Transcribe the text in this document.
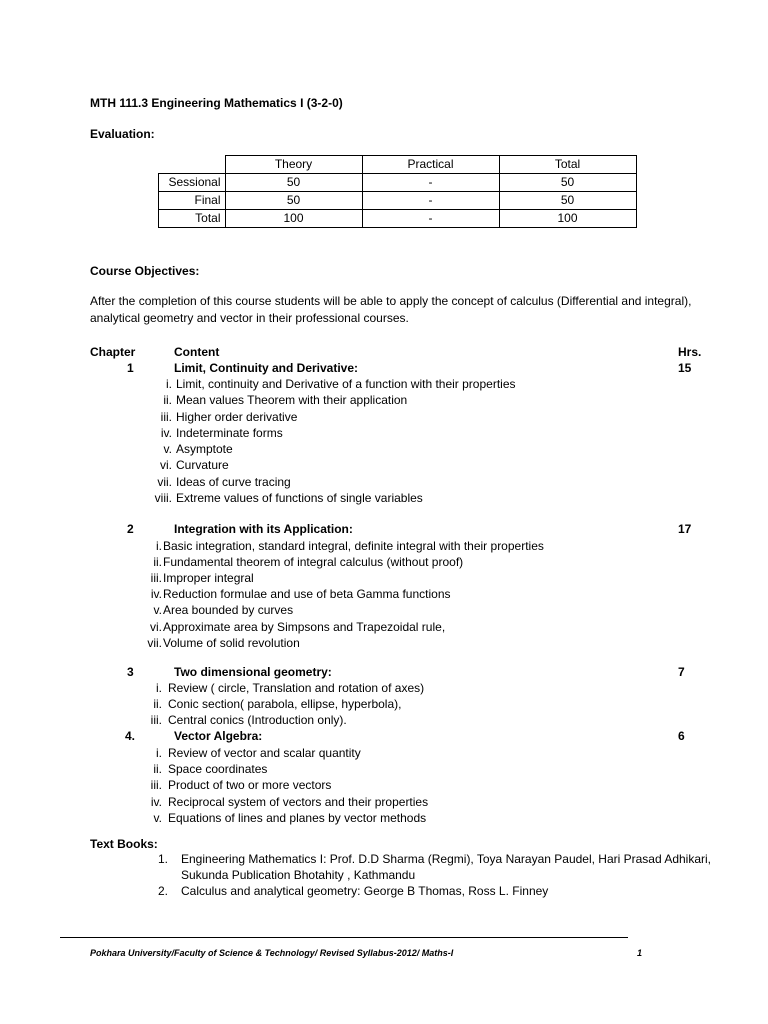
MTH 111.3 Engineering Mathematics I (3-2-0)
Evaluation:
	Theory	Practical	Total
Sessional	50	-	50
Final	50	-	50
Total	100	-	100
Course Objectives:
After the completion of this course students will be able to apply the concept of calculus (Differential and integral), analytical geometry and vector in their professional courses.
Chapter	Content	Hrs.
1	Limit, Continuity and Derivative:	15
i. Limit, continuity and Derivative of a function with their properties
ii. Mean values Theorem with their application
iii. Higher order derivative
iv. Indeterminate forms
v. Asymptote
vi. Curvature
vii. Ideas of curve tracing
viii. Extreme values of functions of single variables
2	Integration with its Application:	17
i. Basic integration, standard integral, definite integral with their properties
ii. Fundamental theorem of integral calculus (without proof)
iii. Improper integral
iv. Reduction formulae and use of beta Gamma functions
v. Area bounded by curves
vi. Approximate area by Simpsons and Trapezoidal rule,
vii. Volume of solid revolution
3	Two dimensional geometry:	7
i. Review ( circle, Translation and rotation of axes)
ii. Conic section( parabola, ellipse, hyperbola),
iii. Central conics (Introduction only).
4.	Vector Algebra:	6
i. Review of vector and scalar quantity
ii. Space coordinates
iii. Product of two or more vectors
iv. Reciprocal system of vectors and their properties
v. Equations of lines and planes by vector methods
Text Books:
1. Engineering Mathematics I: Prof. D.D Sharma (Regmi), Toya Narayan Paudel, Hari Prasad Adhikari,
Sukunda Publication Bhotahity , Kathmandu
2. Calculus and analytical geometry: George B Thomas, Ross L. Finney
Pokhara University/Faculty of Science & Technology/ Revised Syllabus-2012/ Maths-I	1
